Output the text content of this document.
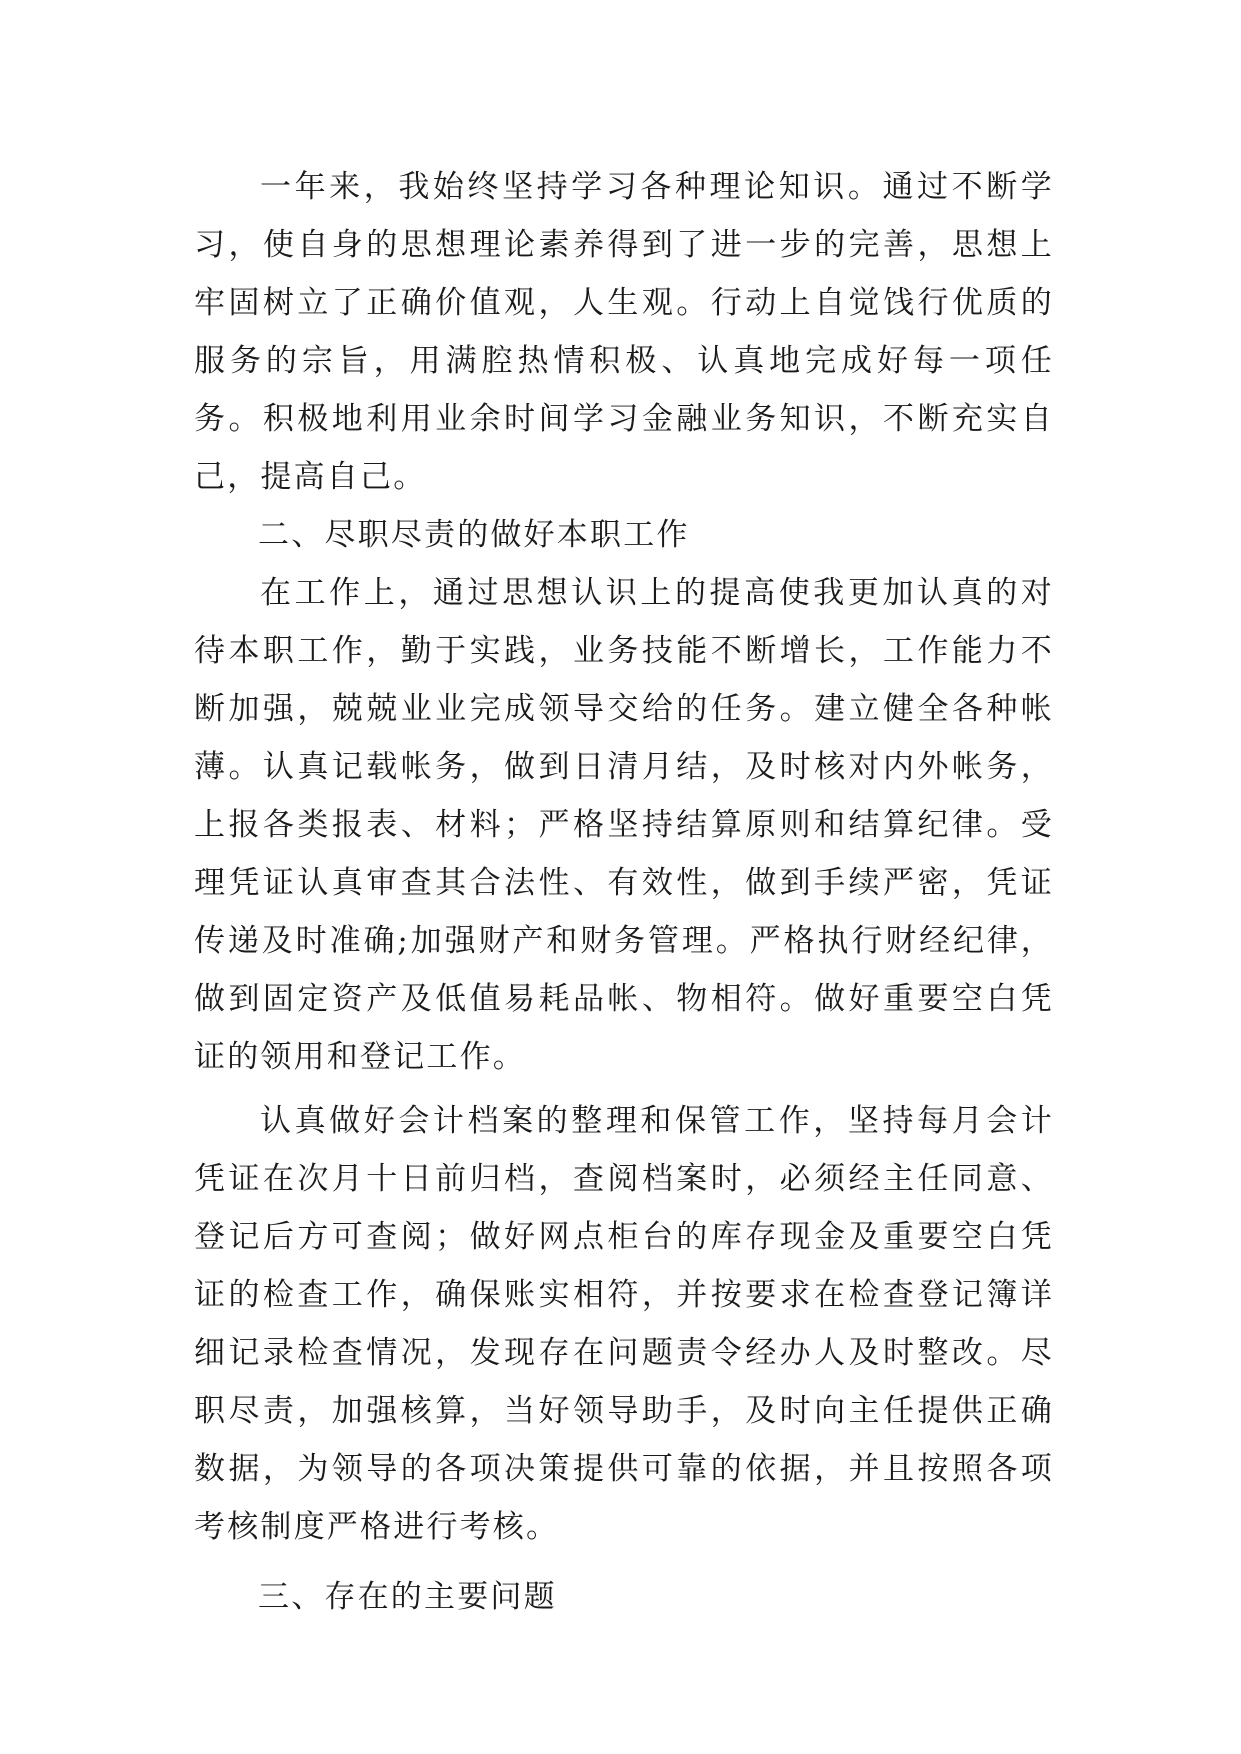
一年来，我始终坚持学习各种理论知识。通过不断学习，使自身的思想理论素养得到了进一步的完善，思想上牢固树立了正确价值观，人生观。行动上自觉饯行优质的服务的宗旨，用满腔热情积极、认真地完成好每一项任务。积极地利用业余时间学习金融业务知识，不断充实自己，提高自己。

二、尽职尽责的做好本职工作

在工作上，通过思想认识上的提高使我更加认真的对待本职工作，勤于实践，业务技能不断增长，工作能力不断加强，兢兢业业完成领导交给的任务。建立健全各种帐薄。认真记载帐务，做到日清月结，及时核对内外帐务，上报各类报表、材料；严格坚持结算原则和结算纪律。受理凭证认真审查其合法性、有效性，做到手续严密，凭证传递及时准确;加强财产和财务管理。严格执行财经纪律，做到固定资产及低值易耗品帐、物相符。做好重要空白凭证的领用和登记工作。

认真做好会计档案的整理和保管工作，坚持每月会计凭证在次月十日前归档，查阅档案时，必须经主任同意、登记后方可查阅；做好网点柜台的库存现金及重要空白凭证的检查工作，确保账实相符，并按要求在检查登记簿详细记录检查情况，发现存在问题责令经办人及时整改。尽职尽责，加强核算，当好领导助手，及时向主任提供正确数据，为领导的各项决策提供可靠的依据，并且按照各项考核制度严格进行考核。

三、存在的主要问题
